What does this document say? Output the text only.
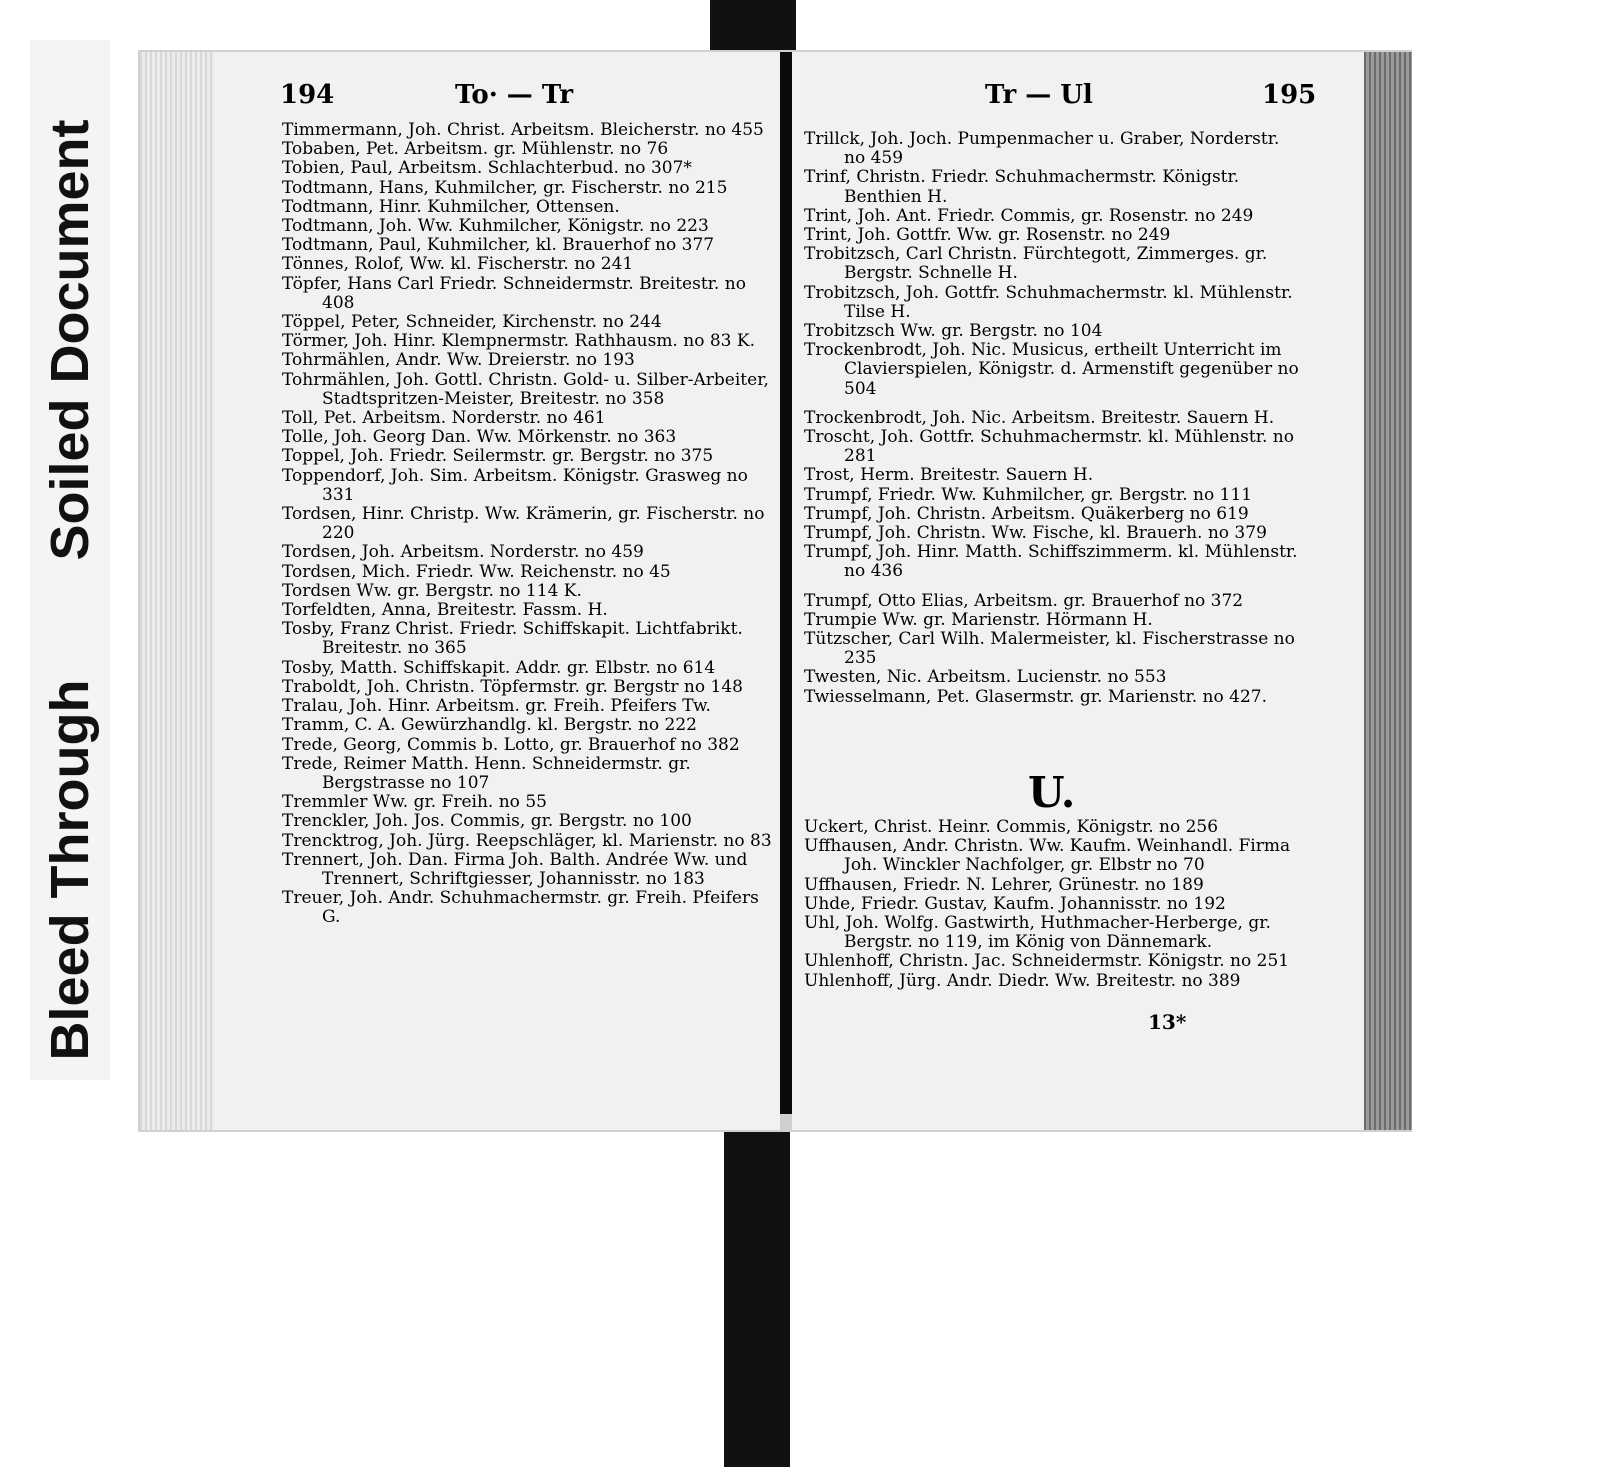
Soiled Document
Bleed Through
194	To· — Tr	Tr — Ul	195

Timmermann, Joh. Christ. Arbeitsm. Bleicherstr. no 455

Tobaben, Pet. Arbeitsm. gr. Mühlenstr. no 76

Tobien, Paul, Arbeitsm. Schlachterbud. no 307*

Todtmann, Hans, Kuhmilcher, gr. Fischerstr. no 215

Todtmann, Hinr. Kuhmilcher, Ottensen.

Todtmann, Joh. Ww. Kuhmilcher, Königstr. no 223

Todtmann, Paul, Kuhmilcher, kl. Brauerhof no 377

Tönnes, Rolof, Ww. kl. Fischerstr. no 241

Töpfer, Hans Carl Friedr. Schneidermstr. Breitestr. no 408

Töppel, Peter, Schneider, Kirchenstr. no 244

Törmer, Joh. Hinr. Klempnermstr. Rathhausm. no 83 K.

Tohrmählen, Andr. Ww. Dreierstr. no 193

Tohrmählen, Joh. Gottl. Christn. Gold- u. Silber-Arbeiter, Stadtspritzen-Meister, Breitestr. no 358

Toll, Pet. Arbeitsm. Norderstr. no 461

Tolle, Joh. Georg Dan. Ww. Mörkenstr. no 363

Toppel, Joh. Friedr. Seilermstr. gr. Bergstr. no 375

Toppendorf, Joh. Sim. Arbeitsm. Königstr. Grasweg no 331

Tordsen, Hinr. Christp. Ww. Krämerin, gr. Fischerstr. no 220

Tordsen, Joh. Arbeitsm. Norderstr. no 459

Tordsen, Mich. Friedr. Ww. Reichenstr. no 45

Tordsen Ww. gr. Bergstr. no 114 K.

Torfeldten, Anna, Breitestr. Fassm. H.

Tosby, Franz Christ. Friedr. Schiffskapit. Lichtfabrikt. Breitestr. no 365

Tosby, Matth. Schiffskapit. Addr. gr. Elbstr. no 614

Traboldt, Joh. Christn. Töpfermstr. gr. Bergstr no 148

Tralau, Joh. Hinr. Arbeitsm. gr. Freih. Pfeifers Tw.

Tramm, C. A. Gewürzhandlg. kl. Bergstr. no 222

Trede, Georg, Commis b. Lotto, gr. Brauerhof no 382

Trede, Reimer Matth. Henn. Schneidermstr. gr. Bergstrasse no 107

Tremmler Ww. gr. Freih. no 55

Trenckler, Joh. Jos. Commis, gr. Bergstr. no 100

Trencktrog, Joh. Jürg. Reepschläger, kl. Marienstr. no 83

Trennert, Joh. Dan. Firma Joh. Balth. Andrée Ww. und Trennert, Schriftgiesser, Johannisstr. no 183

Treuer, Joh. Andr. Schuhmachermstr. gr. Freih. Pfeifers G.

Trillck, Joh. Joch. Pumpenmacher u. Graber, Norderstr. no 459

Trinf, Christn. Friedr. Schuhmachermstr. Königstr. Benthien H.

Trint, Joh. Ant. Friedr. Commis, gr. Rosenstr. no 249

Trint, Joh. Gottfr. Ww. gr. Rosenstr. no 249

Trobitzsch, Carl Christn. Fürchtegott, Zimmerges. gr. Bergstr. Schnelle H.

Trobitzsch, Joh. Gottfr. Schuhmachermstr. kl. Mühlenstr. Tilse H.

Trobitzsch Ww. gr. Bergstr. no 104

Trockenbrodt, Joh. Nic. Musicus, ertheilt Unterricht im Clavierspielen, Königstr. d. Armenstift gegenüber no 504

Trockenbrodt, Joh. Nic. Arbeitsm. Breitestr. Sauern H.

Troscht, Joh. Gottfr. Schuhmachermstr. kl. Mühlenstr. no 281

Trost, Herm. Breitestr. Sauern H.

Trumpf, Friedr. Ww. Kuhmilcher, gr. Bergstr. no 111

Trumpf, Joh. Christn. Arbeitsm. Quäkerberg no 619

Trumpf, Joh. Christn. Ww. Fische, kl. Brauerh. no 379

Trumpf, Joh. Hinr. Matth. Schiffszimmerm. kl. Mühlenstr. no 436

Trumpf, Otto Elias, Arbeitsm. gr. Brauerhof no 372

Trumpie Ww. gr. Marienstr. Hörmann H.

Tützscher, Carl Wilh. Malermeister, kl. Fischerstrasse no 235

Twesten, Nic. Arbeitsm. Lucienstr. no 553

Twiesselmann, Pet. Glasermstr. gr. Marienstr. no 427.

U.

Uckert, Christ. Heinr. Commis, Königstr. no 256

Uffhausen, Andr. Christn. Ww. Kaufm. Weinhandl. Firma Joh. Winckler Nachfolger, gr. Elbstr no 70

Uffhausen, Friedr. N. Lehrer, Grünestr. no 189

Uhde, Friedr. Gustav, Kaufm. Johannisstr. no 192

Uhl, Joh. Wolfg. Gastwirth, Huthmacher-Herberge, gr. Bergstr. no 119, im König von Dännemark.

Uhlenhoff, Christn. Jac. Schneidermstr. Königstr. no 251

Uhlenhoff, Jürg. Andr. Diedr. Ww. Breitestr. no 389

13*
